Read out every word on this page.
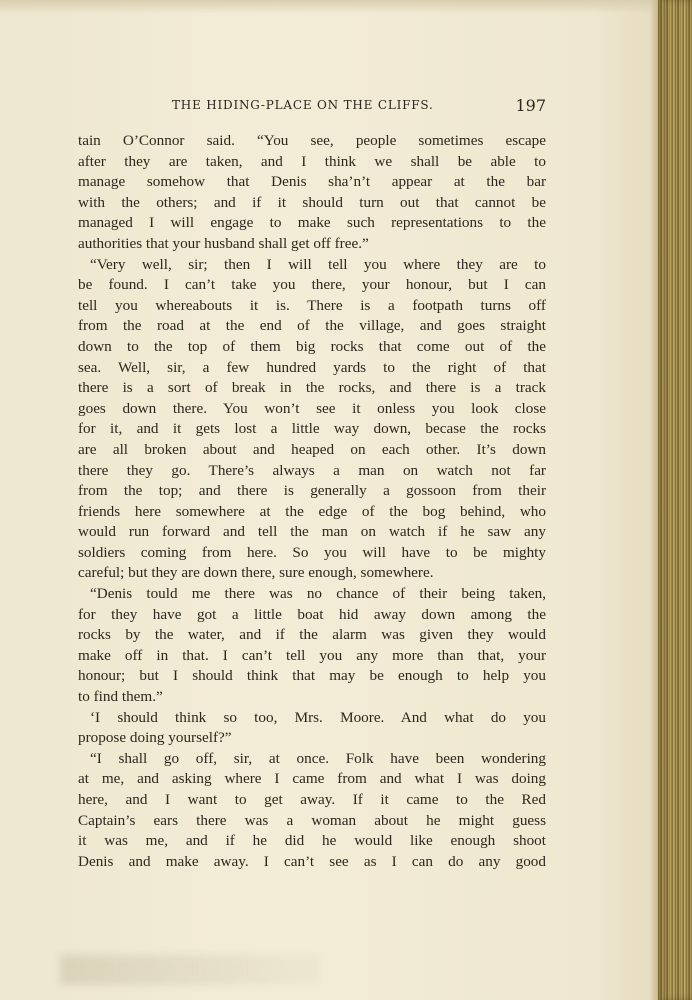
THE HIDING-PLACE ON THE CLIFFS.	197
tain O’Connor said. “You see, people sometimes escape
after they are taken, and I think we shall be able to
manage somehow that Denis sha’n’t appear at the bar
with the others; and if it should turn out that cannot be
managed I will engage to make such representations to the
authorities that your husband shall get off free.”
“Very well, sir; then I will tell you where they are to
be found. I can’t take you there, your honour, but I can
tell you whereabouts it is. There is a footpath turns off
from the road at the end of the village, and goes straight
down to the top of them big rocks that come out of the
sea. Well, sir, a few hundred yards to the right of that
there is a sort of break in the rocks, and there is a track
goes down there. You won’t see it onless you look close
for it, and it gets lost a little way down, becase the rocks
are all broken about and heaped on each other. It’s down
there they go. There’s always a man on watch not far
from the top; and there is generally a gossoon from their
friends here somewhere at the edge of the bog behind, who
would run forward and tell the man on watch if he saw any
soldiers coming from here. So you will have to be mighty
careful; but they are down there, sure enough, somewhere.
“Denis tould me there was no chance of their being taken,
for they have got a little boat hid away down among the
rocks by the water, and if the alarm was given they would
make off in that. I can’t tell you any more than that, your
honour; but I should think that may be enough to help you
to find them.”
‘I should think so too, Mrs. Moore. And what do you
propose doing yourself?”
“I shall go off, sir, at once. Folk have been wondering
at me, and asking where I came from and what I was doing
here, and I want to get away. If it came to the Red
Captain’s ears there was a woman about he might guess
it was me, and if he did he would like enough shoot
Denis and make away. I can’t see as I can do any good
